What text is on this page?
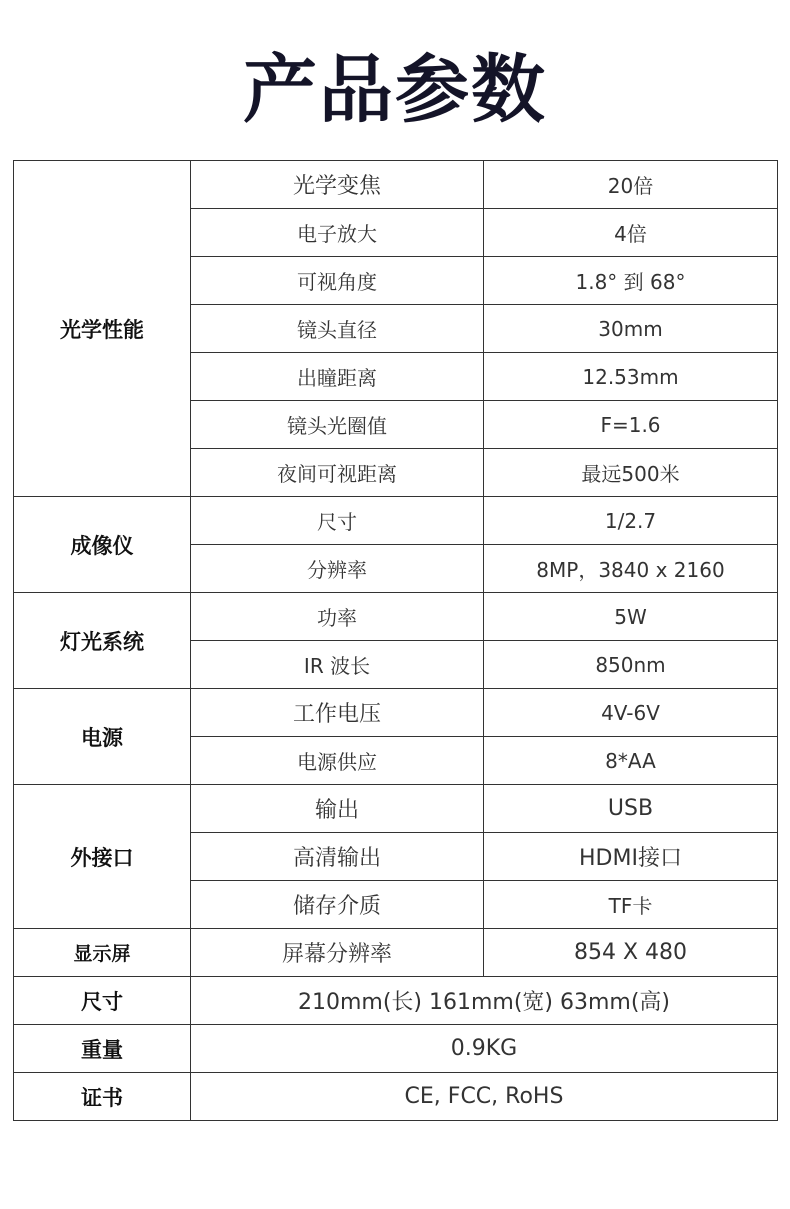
产品参数
光学性能	光学变焦	20倍
	电子放大	4倍
	可视角度	1.8° 到 68°
	镜头直径	30mm
	出瞳距离	12.53mm
	镜头光圈值	F=1.6
	夜间可视距离	最远500米
成像仪	尺寸	1/2.7
	分辨率	8MP，3840 x 2160
灯光系统	功率	5W
	IR 波长	850nm
电源	工作电压	4V-6V
	电源供应	8*AA
外接口	输出	USB
	高清输出	HDMI接口
	储存介质	TF卡
显示屏	屏幕分辨率	854 X 480
尺寸	210mm(长) 161mm(宽) 63mm(高)	
重量	0.9KG	
证书	CE, FCC, RoHS	
